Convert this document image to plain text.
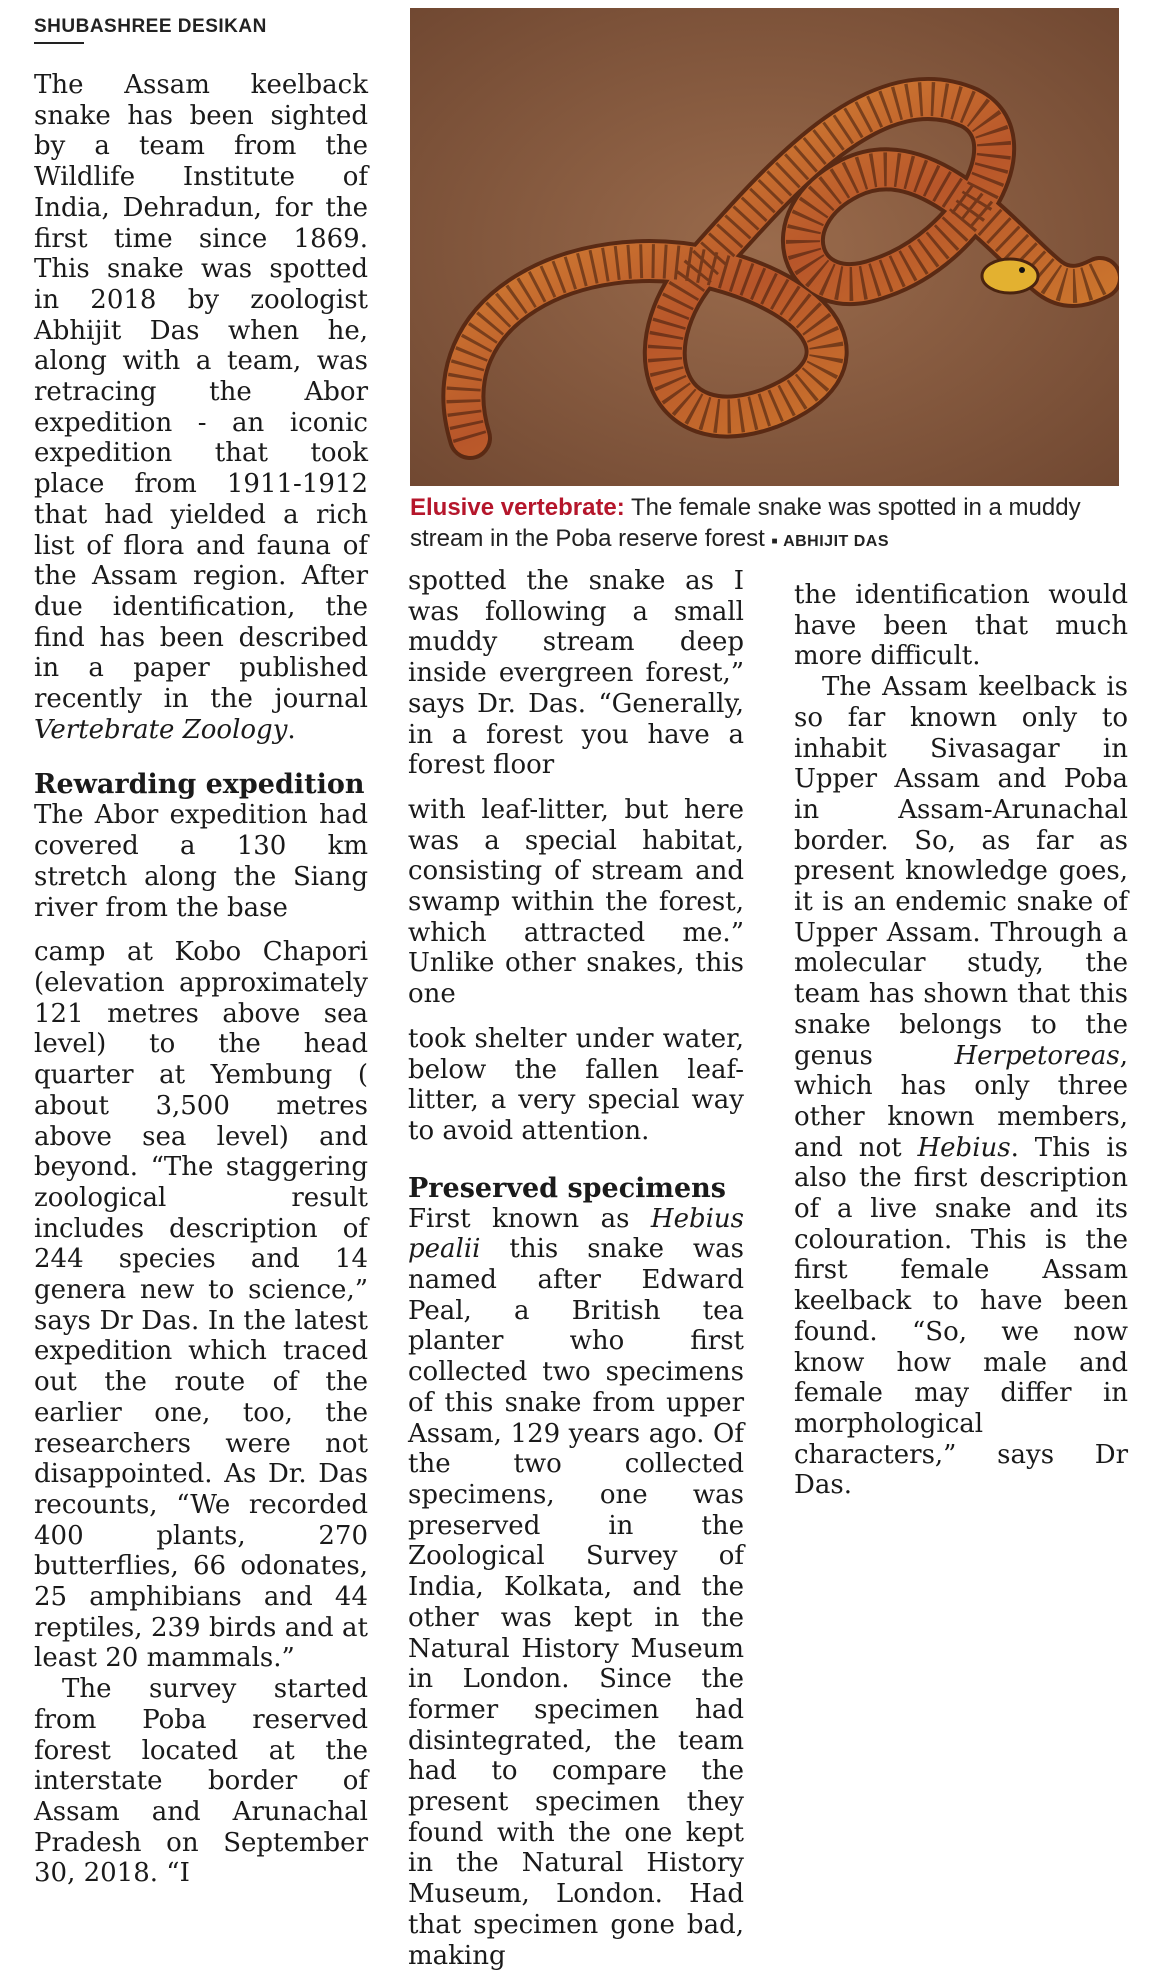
SHUBASHREE DESIKAN

The Assam keelback snake has been sighted by a team from the Wildlife Institute of India, Dehradun, for the first time since 1869. This snake was spotted in 2018 by zoologist Abhijit Das when he, along with a team, was retracing the Abor expedition - an iconic expedition that took place from 1911-1912 that had yielded a rich list of flora and fauna of the Assam region. After due identification, the find has been described in a paper published recently in the journal Vertebrate Zoology.

Rewarding expedition

The Abor expedition had covered a 130 km stretch along the Siang river from the base

camp at Kobo Chapori (elevation approximately 121 metres above sea level) to the head quarter at Yembung ( about 3,500 metres above sea level) and beyond. “The staggering zoological result includes description of 244 species and 14 genera new to science,” says Dr Das. In the latest expedition which traced out the route of the earlier one, too, the researchers were not disappointed. As Dr. Das recounts, “We recorded 400 plants, 270 butterflies, 66 odonates, 25 amphibians and 44 reptiles, 239 birds and at least 20 mammals.”

The survey started from Poba reserved forest located at the interstate border of Assam and Arunachal Pradesh on September 30, 2018. “I

Elusive vertebrate: The female snake was spotted in a muddy stream in the Poba reserve forest ■ ABHIJIT DAS

spotted the snake as I was following a small muddy stream deep inside evergreen forest,” says Dr. Das. “Generally, in a forest you have a forest floor

with leaf-litter, but here was a special habitat, consisting of stream and swamp within the forest, which attracted me.” Unlike other snakes, this one

took shelter under water, below the fallen leaf-litter, a very special way to avoid attention.

Preserved specimens

First known as Hebius pealii this snake was named after Edward Peal, a British tea planter who first collected two specimens of this snake from upper Assam, 129 years ago. Of the two collected specimens, one was preserved in the Zoological Survey of India, Kolkata, and the other was kept in the Natural History Museum in London. Since the former specimen had disintegrated, the team had to compare the present specimen they found with the one kept in the Natural History Museum, London. Had that specimen gone bad, making

the identification would have been that much more difficult.

The Assam keelback is so far known only to inhabit Sivasagar in Upper Assam and Poba in Assam-Arunachal border. So, as far as present knowledge goes, it is an endemic snake of Upper Assam. Through a molecular study, the team has shown that this snake belongs to the genus Herpetoreas, which has only three other known members, and not Hebius. This is also the first description of a live snake and its colouration. This is the first female Assam keelback to have been found. “So, we now know how male and female may differ in morphological characters,” says Dr Das.
